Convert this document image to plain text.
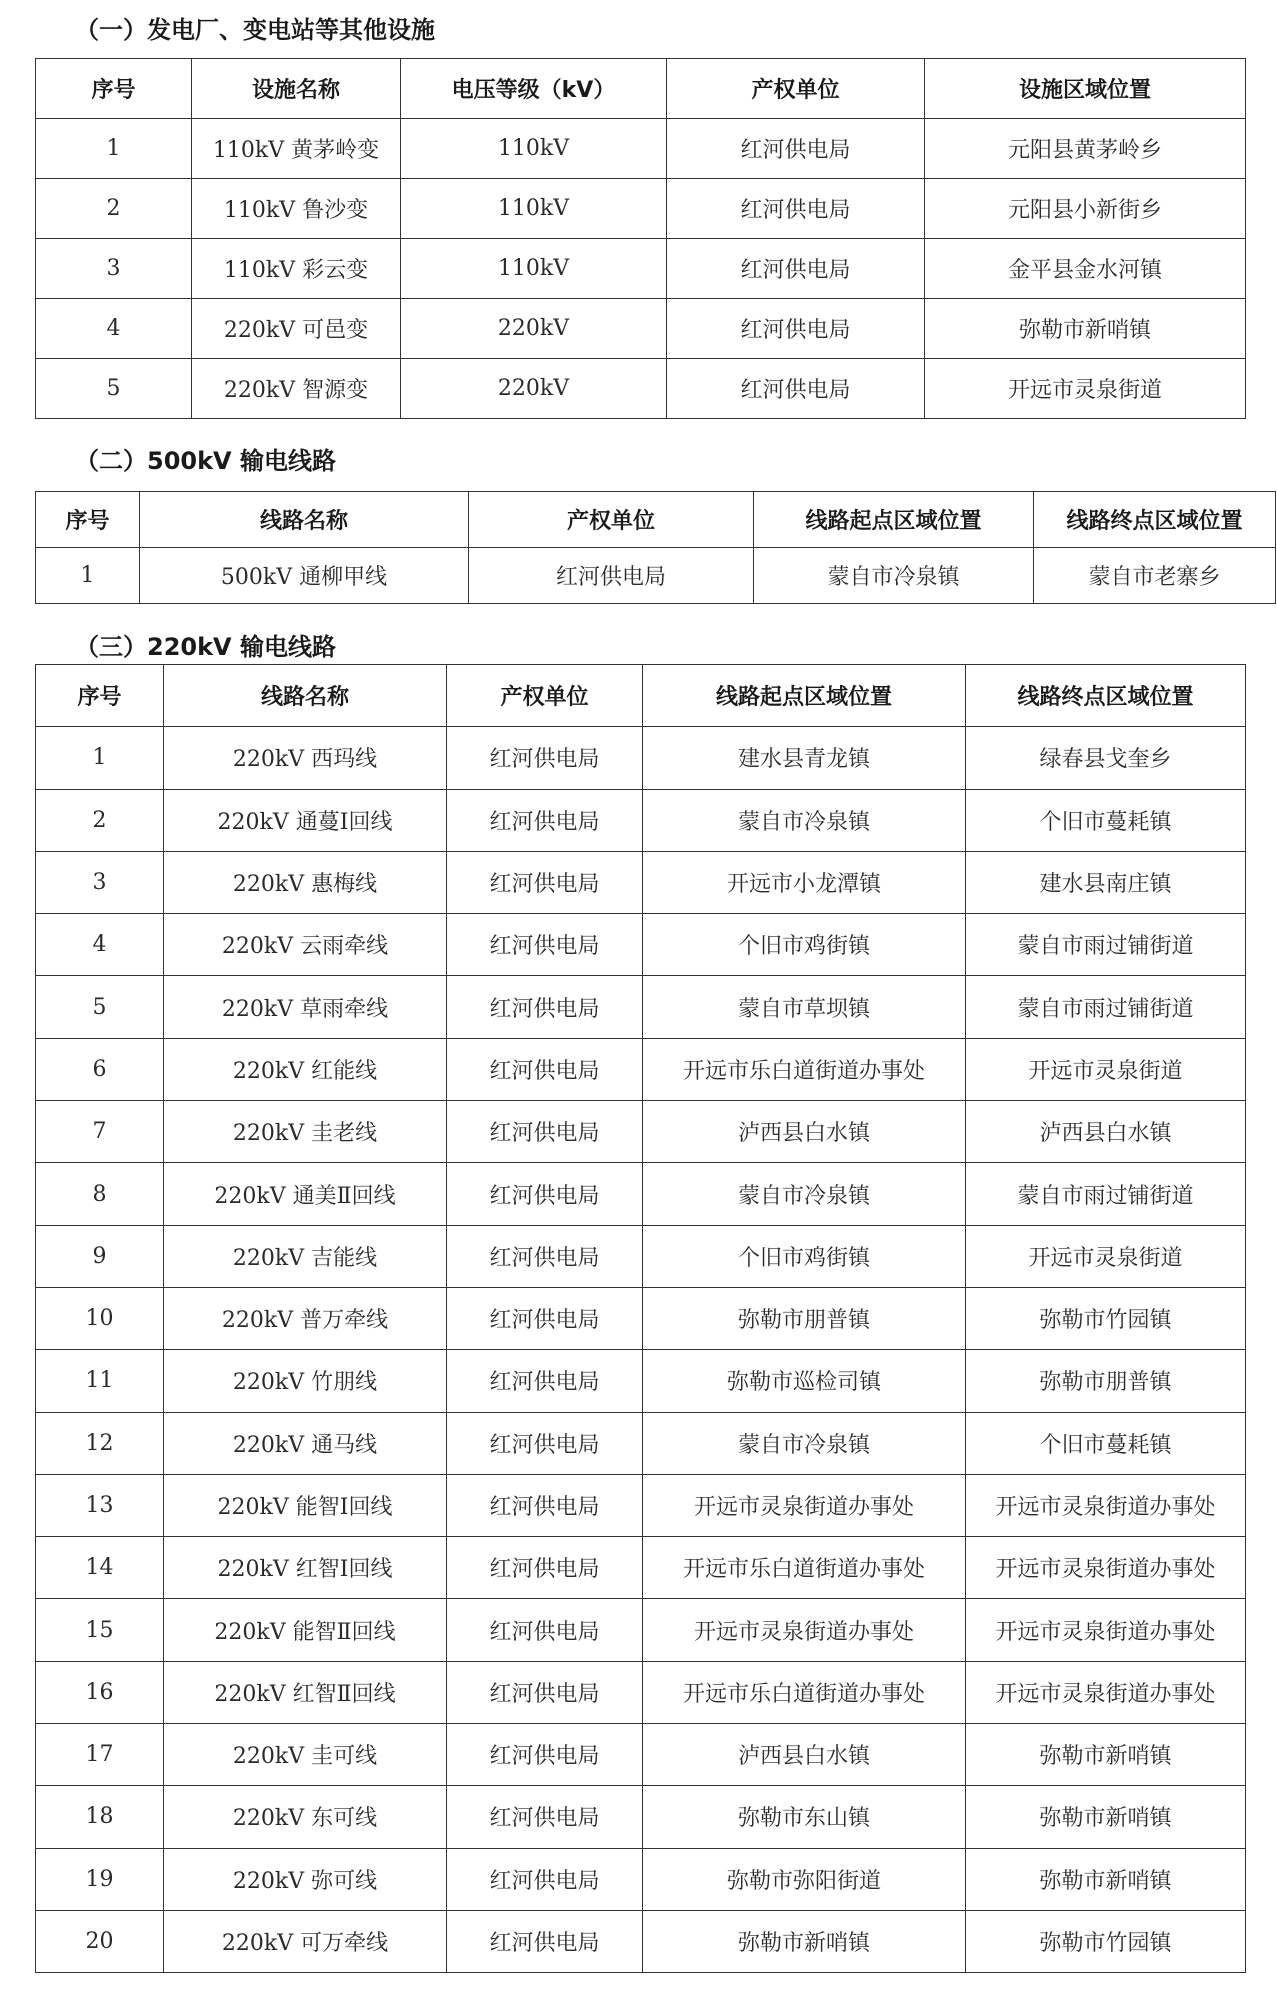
（一）发电厂、变电站等其他设施
序号	设施名称	电压等级（kV）	产权单位	设施区域位置
1	110kV 黄茅岭变	110kV	红河供电局	元阳县黄茅岭乡
2	110kV 鲁沙变	110kV	红河供电局	元阳县小新街乡
3	110kV 彩云变	110kV	红河供电局	金平县金水河镇
4	220kV 可邑变	220kV	红河供电局	弥勒市新哨镇
5	220kV 智源变	220kV	红河供电局	开远市灵泉街道
（二）500kV 输电线路
序号	线路名称	产权单位	线路起点区域位置	线路终点区域位置
1	500kV 通柳甲线	红河供电局	蒙自市冷泉镇	蒙自市老寨乡
（三）220kV 输电线路
序号	线路名称	产权单位	线路起点区域位置	线路终点区域位置
1	220kV 西玛线	红河供电局	建水县青龙镇	绿春县戈奎乡
2	220kV 通蔓Ⅰ回线	红河供电局	蒙自市冷泉镇	个旧市蔓耗镇
3	220kV 惠梅线	红河供电局	开远市小龙潭镇	建水县南庄镇
4	220kV 云雨牵线	红河供电局	个旧市鸡街镇	蒙自市雨过铺街道
5	220kV 草雨牵线	红河供电局	蒙自市草坝镇	蒙自市雨过铺街道
6	220kV 红能线	红河供电局	开远市乐白道街道办事处	开远市灵泉街道
7	220kV 圭老线	红河供电局	泸西县白水镇	泸西县白水镇
8	220kV 通美Ⅱ回线	红河供电局	蒙自市冷泉镇	蒙自市雨过铺街道
9	220kV 吉能线	红河供电局	个旧市鸡街镇	开远市灵泉街道
10	220kV 普万牵线	红河供电局	弥勒市朋普镇	弥勒市竹园镇
11	220kV 竹朋线	红河供电局	弥勒市巡检司镇	弥勒市朋普镇
12	220kV 通马线	红河供电局	蒙自市冷泉镇	个旧市蔓耗镇
13	220kV 能智Ⅰ回线	红河供电局	开远市灵泉街道办事处	开远市灵泉街道办事处
14	220kV 红智Ⅰ回线	红河供电局	开远市乐白道街道办事处	开远市灵泉街道办事处
15	220kV 能智Ⅱ回线	红河供电局	开远市灵泉街道办事处	开远市灵泉街道办事处
16	220kV 红智Ⅱ回线	红河供电局	开远市乐白道街道办事处	开远市灵泉街道办事处
17	220kV 圭可线	红河供电局	泸西县白水镇	弥勒市新哨镇
18	220kV 东可线	红河供电局	弥勒市东山镇	弥勒市新哨镇
19	220kV 弥可线	红河供电局	弥勒市弥阳街道	弥勒市新哨镇
20	220kV 可万牵线	红河供电局	弥勒市新哨镇	弥勒市竹园镇
